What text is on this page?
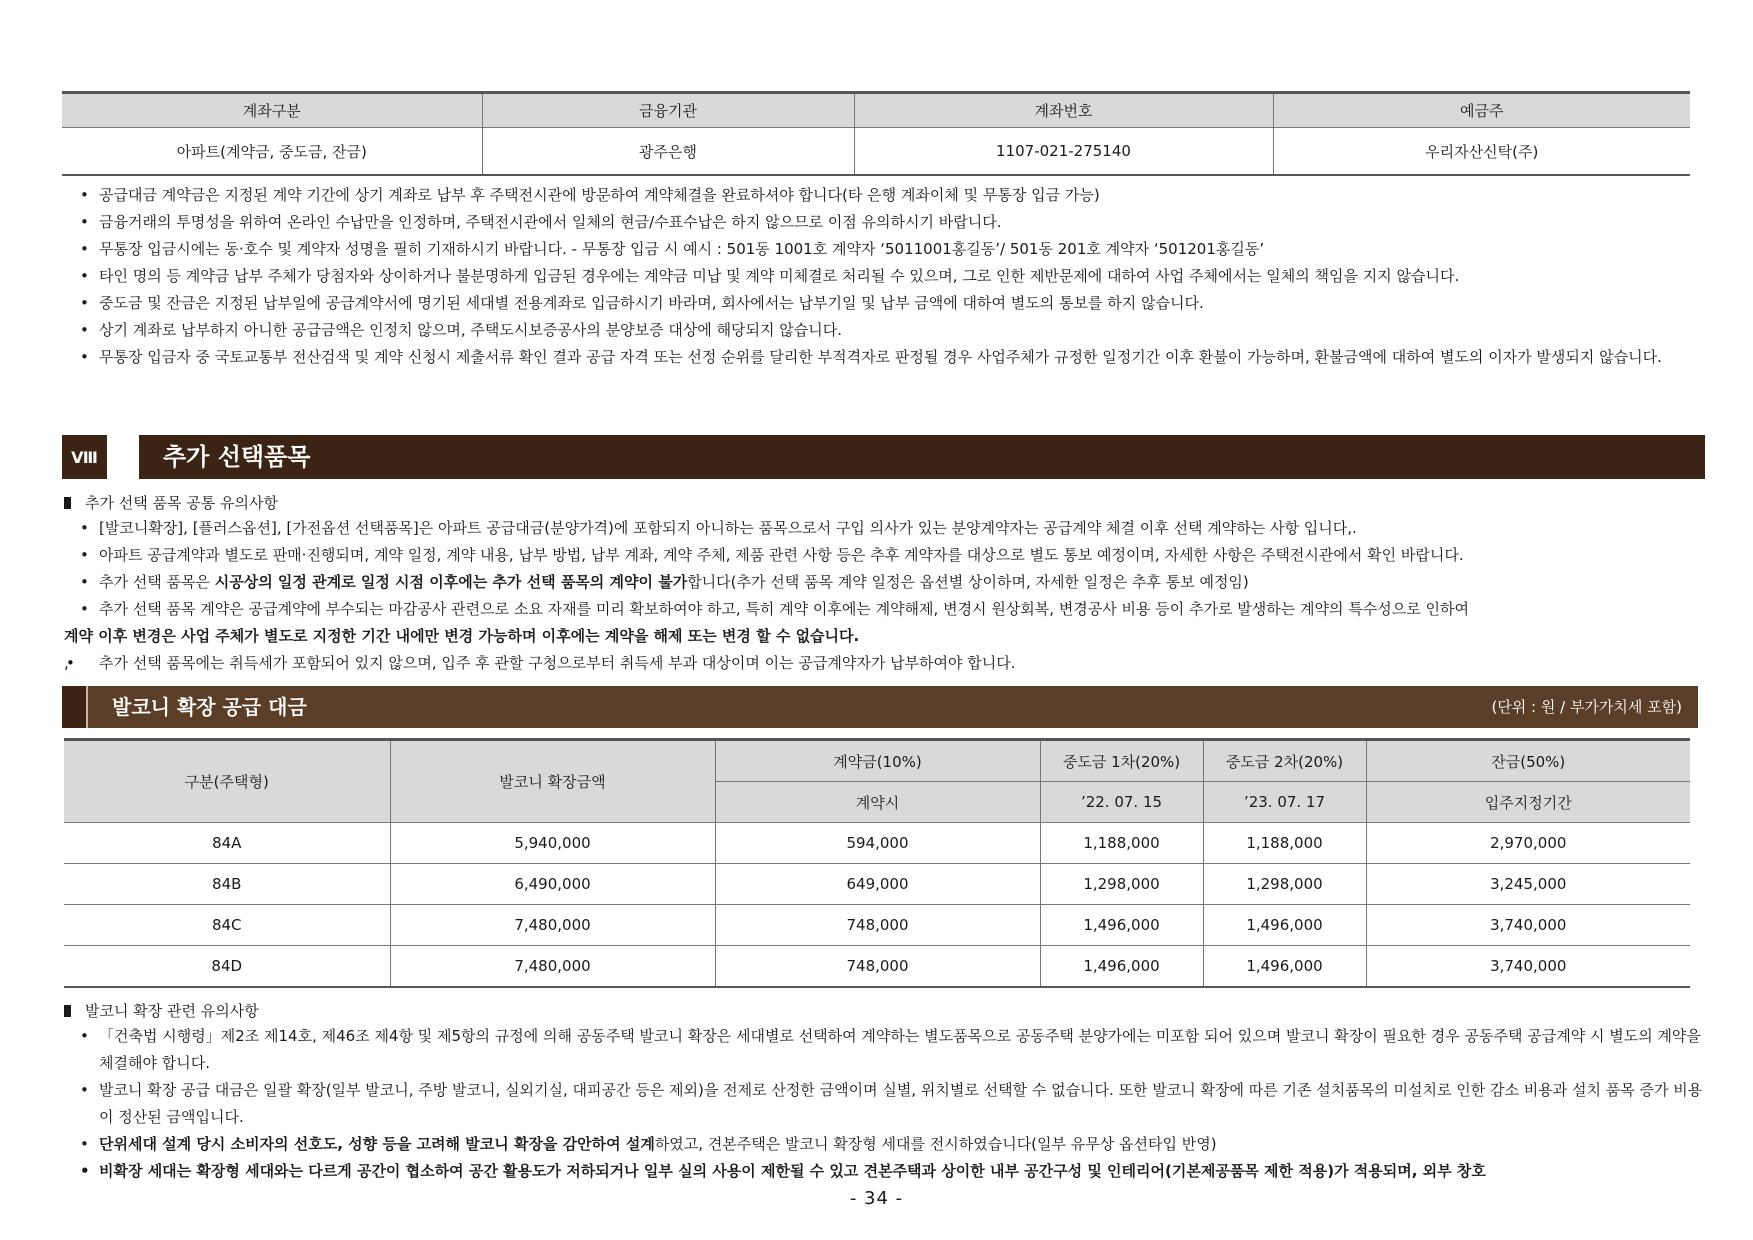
계좌구분	금융기관	계좌번호	예금주
아파트(계약금, 중도금, 잔금)	광주은행	1107-021-275140	우리자산신탁(주)
• 공급대금 계약금은 지정된 계약 기간에 상기 계좌로 납부 후 주택전시관에 방문하여 계약체결을 완료하셔야 합니다(타 은행 계좌이체 및 무통장 입금 가능)
• 금융거래의 투명성을 위하여 온라인 수납만을 인정하며, 주택전시관에서 일체의 현금/수표수납은 하지 않으므로 이점 유의하시기 바랍니다.
• 무통장 입금시에는 동·호수 및 계약자 성명을 필히 기재하시기 바랍니다. - 무통장 입금 시 예시 : 501동 1001호 계약자 ‘5011001홍길동’/ 501동 201호 계약자 ‘501201홍길동’
• 타인 명의 등 계약금 납부 주체가 당첨자와 상이하거나 불분명하게 입금된 경우에는 계약금 미납 및 계약 미체결로 처리될 수 있으며, 그로 인한 제반문제에 대하여 사업 주체에서는 일체의 책임을 지지 않습니다.
• 중도금 및 잔금은 지정된 납부일에 공급계약서에 명기된 세대별 전용계좌로 입금하시기 바라며, 회사에서는 납부기일 및 납부 금액에 대하여 별도의 통보를 하지 않습니다.
• 상기 계좌로 납부하지 아니한 공급금액은 인정치 않으며, 주택도시보증공사의 분양보증 대상에 해당되지 않습니다.
• 무통장 입금자 중 국토교통부 전산검색 및 계약 신청시 제출서류 확인 결과 공급 자격 또는 선정 순위를 달리한 부적격자로 판정될 경우 사업주체가 규정한 일정기간 이후 환불이 가능하며, 환불금액에 대하여 별도의 이자가 발생되지 않습니다.
Ⅷ	추가 선택품목
추가 선택 품목 공통 유의사항
• [발코니확장], [플러스옵션], [가전옵션 선택품목]은 아파트 공급대금(분양가격)에 포함되지 아니하는 품목으로서 구입 의사가 있는 분양계약자는 공급계약 체결 이후 선택 계약하는 사항 입니다,.
• 아파트 공급계약과 별도로 판매·진행되며, 계약 일정, 계약 내용, 납부 방법, 납부 계좌, 계약 주체, 제품 관련 사항 등은 추후 계약자를 대상으로 별도 통보 예정이며, 자세한 사항은 주택전시관에서 확인 바랍니다.
• 추가 선택 품목은 시공상의 일정 관계로 일정 시점 이후에는 추가 선택 품목의 계약이 불가합니다(추가 선택 품목 계약 일정은 옵션별 상이하며, 자세한 일정은 추후 통보 예정임)
• 추가 선택 품목 계약은 공급계약에 부수되는 마감공사 관련으로 소요 자재를 미리 확보하여야 하고, 특히 계약 이후에는 계약해제, 변경시 원상회복, 변경공사 비용 등이 추가로 발생하는 계약의 특수성으로 인하여
계약 이후 변경은 사업 주체가 별도로 지정한 기간 내에만 변경 가능하며 이후에는 계약을 해제 또는 변경 할 수 없습니다.
• , 추가 선택 품목에는 취득세가 포함되어 있지 않으며, 입주 후 관할 구청으로부터 취득세 부과 대상이며 이는 공급계약자가 납부하여야 합니다.
발코니 확장 공급 대금	(단위 : 원 / 부가가치세 포함)
구분(주택형)	발코니 확장금액	계약금(10%)	중도금 1차(20%)	중도금 2차(20%)	잔금(50%)
		계약시	’22. 07. 15	’23. 07. 17	입주지정기간
84A	5,940,000	594,000	1,188,000	1,188,000	2,970,000
84B	6,490,000	649,000	1,298,000	1,298,000	3,245,000
84C	7,480,000	748,000	1,496,000	1,496,000	3,740,000
84D	7,480,000	748,000	1,496,000	1,496,000	3,740,000
발코니 확장 관련 유의사항
• 「건축법 시행령」제2조 제14호, 제46조 제4항 및 제5항의 규정에 의해 공동주택 발코니 확장은 세대별로 선택하여 계약하는 별도품목으로 공동주택 분양가에는 미포함 되어 있으며 발코니 확장이 필요한 경우 공동주택 공급계약 시 별도의 계약을 체결해야 합니다.
• 발코니 확장 공급 대금은 일괄 확장(일부 발코니, 주방 발코니, 실외기실, 대피공간 등은 제외)을 전제로 산정한 금액이며 실별, 위치별로 선택할 수 없습니다. 또한 발코니 확장에 따른 기존 설치품목의 미설치로 인한 감소 비용과 설치 품목 증가 비용이 정산된 금액입니다.
• 단위세대 설계 당시 소비자의 선호도, 성향 등을 고려해 발코니 확장을 감안하여 설계하였고, 견본주택은 발코니 확장형 세대를 전시하였습니다(일부 유무상 옵션타입 반영)
• 비확장 세대는 확장형 세대와는 다르게 공간이 협소하여 공간 활용도가 저하되거나 일부 실의 사용이 제한될 수 있고 견본주택과 상이한 내부 공간구성 및 인테리어(기본제공품목 제한 적용)가 적용되며, 외부 창호
- 34 -
